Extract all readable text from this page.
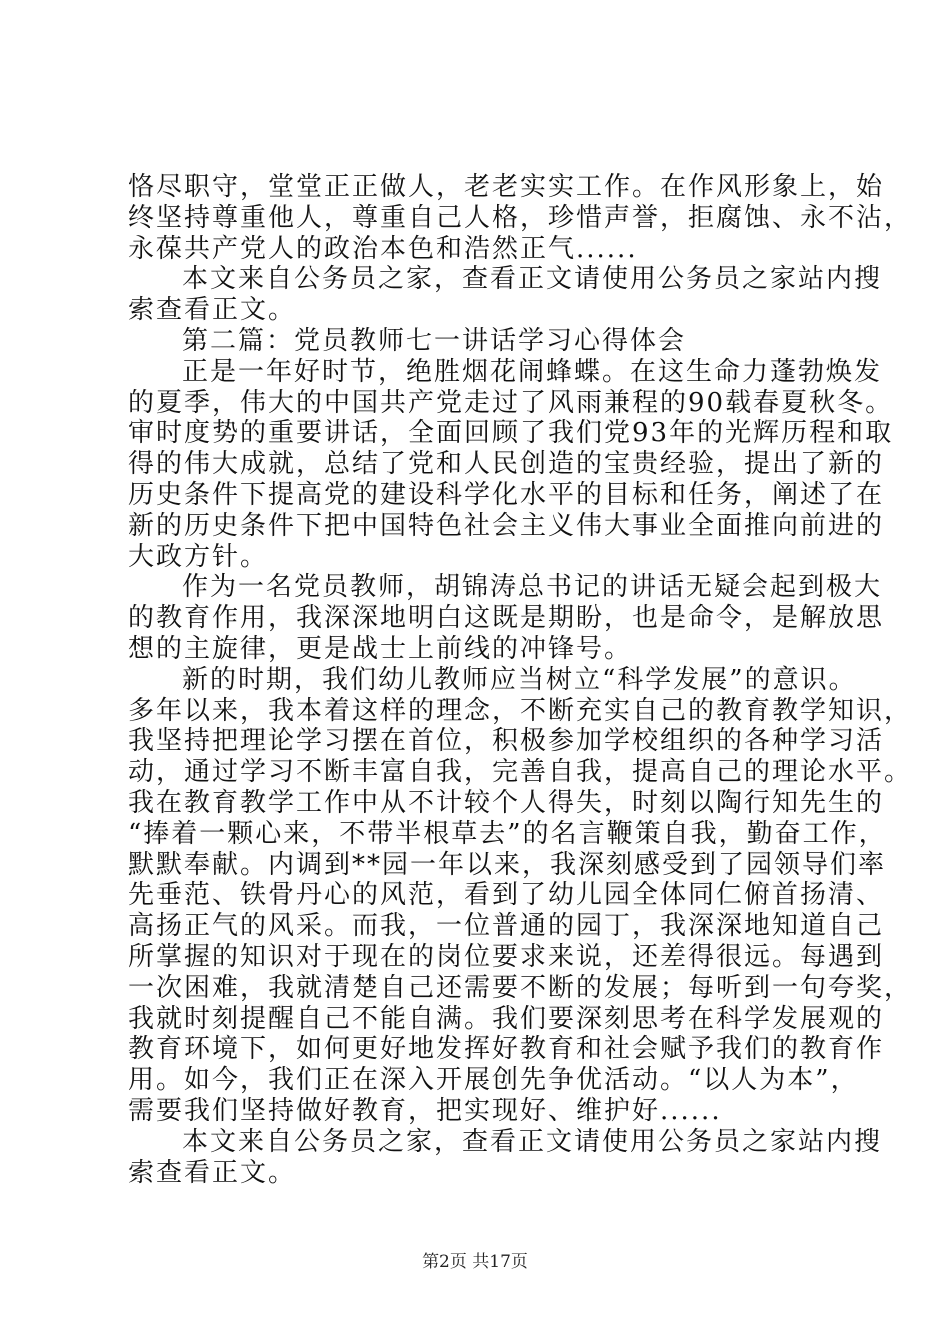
恪尽职守，堂堂正正做人，老老实实工作。在作风形象上，始
终坚持尊重他人，尊重自己人格，珍惜声誉，拒腐蚀、永不沾，
永葆共产党人的政治本色和浩然正气......
本文来自公务员之家，查看正文请使用公务员之家站内搜
索查看正文。
第二篇：党员教师七一讲话学习心得体会
正是一年好时节，绝胜烟花闹蜂蝶。在这生命力蓬勃焕发
的夏季，伟大的中国共产党走过了风雨兼程的90载春夏秋冬。
审时度势的重要讲话，全面回顾了我们党93年的光辉历程和取
得的伟大成就，总结了党和人民创造的宝贵经验，提出了新的
历史条件下提高党的建设科学化水平的目标和任务，阐述了在
新的历史条件下把中国特色社会主义伟大事业全面推向前进的
大政方针。
作为一名党员教师，胡锦涛总书记的讲话无疑会起到极大
的教育作用，我深深地明白这既是期盼，也是命令，是解放思
想的主旋律，更是战士上前线的冲锋号。
新的时期，我们幼儿教师应当树立“科学发展”的意识。
多年以来，我本着这样的理念，不断充实自己的教育教学知识，
我坚持把理论学习摆在首位，积极参加学校组织的各种学习活
动，通过学习不断丰富自我，完善自我，提高自己的理论水平。
我在教育教学工作中从不计较个人得失，时刻以陶行知先生的
“捧着一颗心来，不带半根草去”的名言鞭策自我，勤奋工作，
默默奉献。内调到**园一年以来，我深刻感受到了园领导们率
先垂范、铁骨丹心的风范，看到了幼儿园全体同仁俯首扬清、
高扬正气的风采。而我，一位普通的园丁，我深深地知道自己
所掌握的知识对于现在的岗位要求来说，还差得很远。每遇到
一次困难，我就清楚自己还需要不断的发展；每听到一句夸奖，
我就时刻提醒自己不能自满。我们要深刻思考在科学发展观的
教育环境下，如何更好地发挥好教育和社会赋予我们的教育作
用。如今，我们正在深入开展创先争优活动。“以人为本”，
需要我们坚持做好教育，把实现好、维护好......
本文来自公务员之家，查看正文请使用公务员之家站内搜
索查看正文。
第2页 共17页
